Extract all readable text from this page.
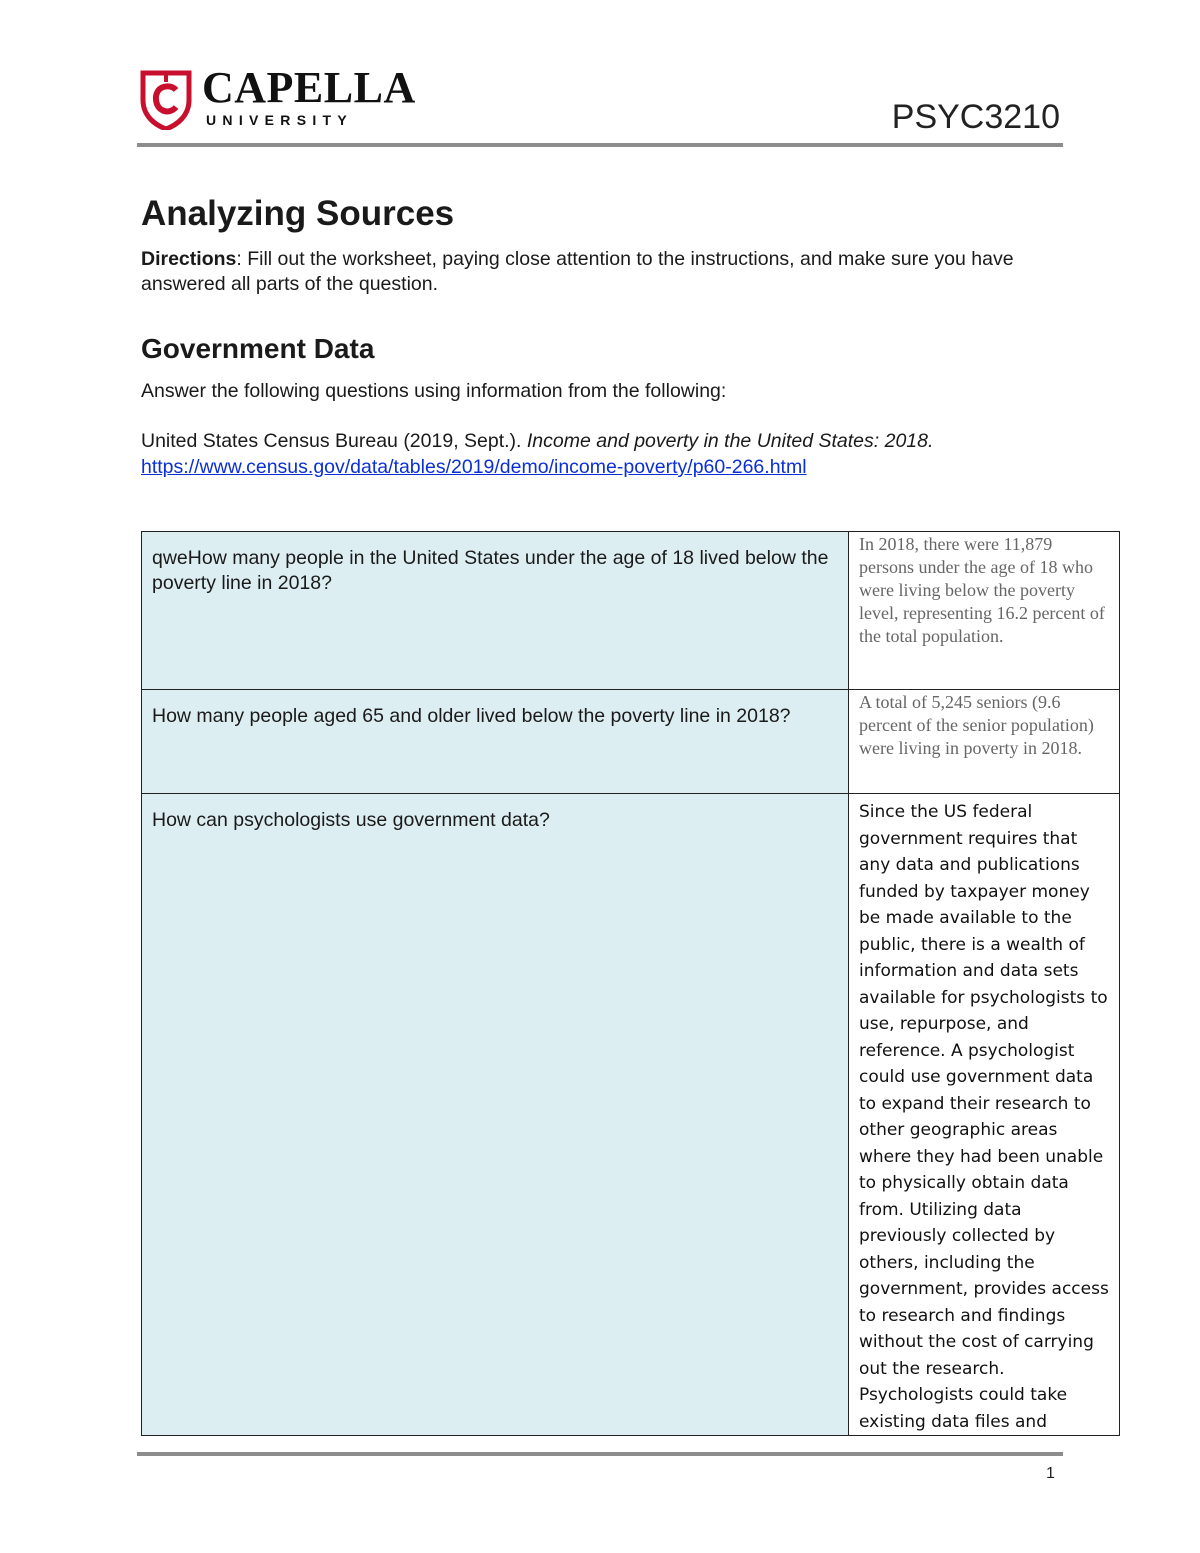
CAPELLA
UNIVERSITY	PSYC3210
Analyzing Sources
Directions: Fill out the worksheet, paying close attention to the instructions, and make sure you have answered all parts of the question.
Government Data
Answer the following questions using information from the following:
United States Census Bureau (2019, Sept.). Income and poverty in the United States: 2018.
https://www.census.gov/data/tables/2019/demo/income-poverty/p60-266.html
qweHow many people in the United States under the age of 18 lived below the poverty line in 2018?	In 2018, there were 11,879 persons under the age of 18 who were living below the poverty level, representing 16.2 percent of the total population.

How many people aged 65 and older lived below the poverty line in 2018?	A total of 5,245 seniors (9.6 percent of the senior population) were living in poverty in 2018.

How can psychologists use government data?	Since the US federal government requires that any data and publications funded by taxpayer money be made available to the public, there is a wealth of information and data sets available for psychologists to use, repurpose, and reference. A psychologist could use government data to expand their research to other geographic areas where they had been unable to physically obtain data from. Utilizing data previously collected by others, including the government, provides access to research and findings without the cost of carrying out the research. Psychologists could take existing data files and
1
